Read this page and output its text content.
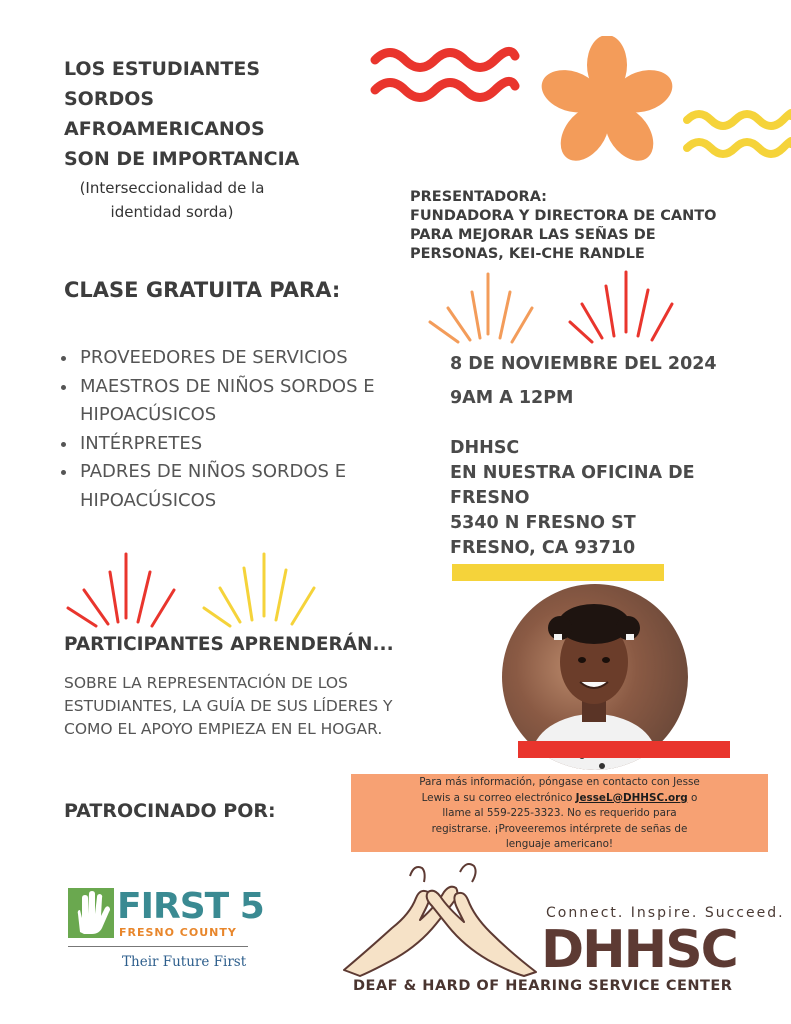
LOS ESTUDIANTES
SORDOS
AFROAMERICANOS
SON DE IMPORTANCIA
(Interseccionalidad de la
identidad sorda)
PRESENTADORA:
FUNDADORA Y DIRECTORA DE CANTO
PARA MEJORAR LAS SEÑAS DE
PERSONAS, KEI-CHE RANDLE
CLASE GRATUITA PARA:
• PROVEEDORES DE SERVICIOS
• MAESTROS DE NIÑOS SORDOS E HIPOACÚSICOS
• INTÉRPRETES
• PADRES DE NIÑOS SORDOS E HIPOACÚSICOS
8 DE NOVIEMBRE DEL 2024
9AM A 12PM
DHHSC
EN NUESTRA OFICINA DE
FRESNO
5340 N FRESNO ST
FRESNO, CA 93710
PARTICIPANTES APRENDERÁN...
SOBRE LA REPRESENTACIÓN DE LOS
ESTUDIANTES, LA GUÍA DE SUS LÍDERES Y
COMO EL APOYO EMPIEZA EN EL HOGAR.
PATROCINADO POR:
Para más información, póngase en contacto con Jesse
Lewis a su correo electrónico JesseL@DHHSC.org o
llame al 559-225-3323. No es requerido para
registrarse. ¡Proveeremos intérprete de señas de
lenguaje americano!
FIRST 5
FRESNO COUNTY
Their Future First
Connect. Inspire. Succeed.
DHHSC
DEAF & HARD OF HEARING SERVICE CENTER
